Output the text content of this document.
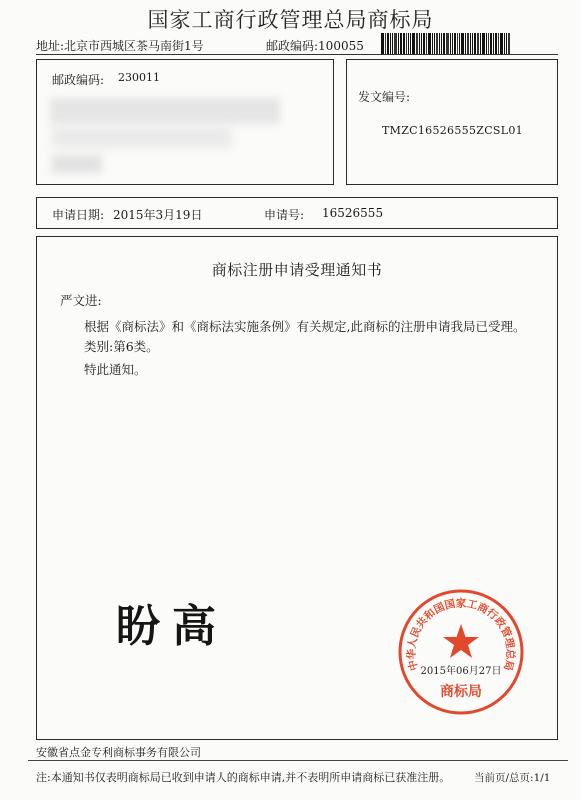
国家工商行政管理总局商标局
地址:北京市西城区茶马南街1号	邮政编码:100055
邮政编码: 230011
发文编号:
TMZC16526555ZCSL01
申请日期: 2015年3月19日	申请号: 16526555
商标注册申请受理通知书
严文进:
根据《商标法》和《商标法实施条例》有关规定,此商标的注册申请我局已受理。
类别:第6类。
特此通知。
盼高
中华人民共和国国家工商行政管理总局
2015年06月27日
商标局
安徽省点金专利商标事务有限公司
注:本通知书仅表明商标局已收到申请人的商标申请,并不表明所申请商标已获准注册。 当前页/总页:1/1
